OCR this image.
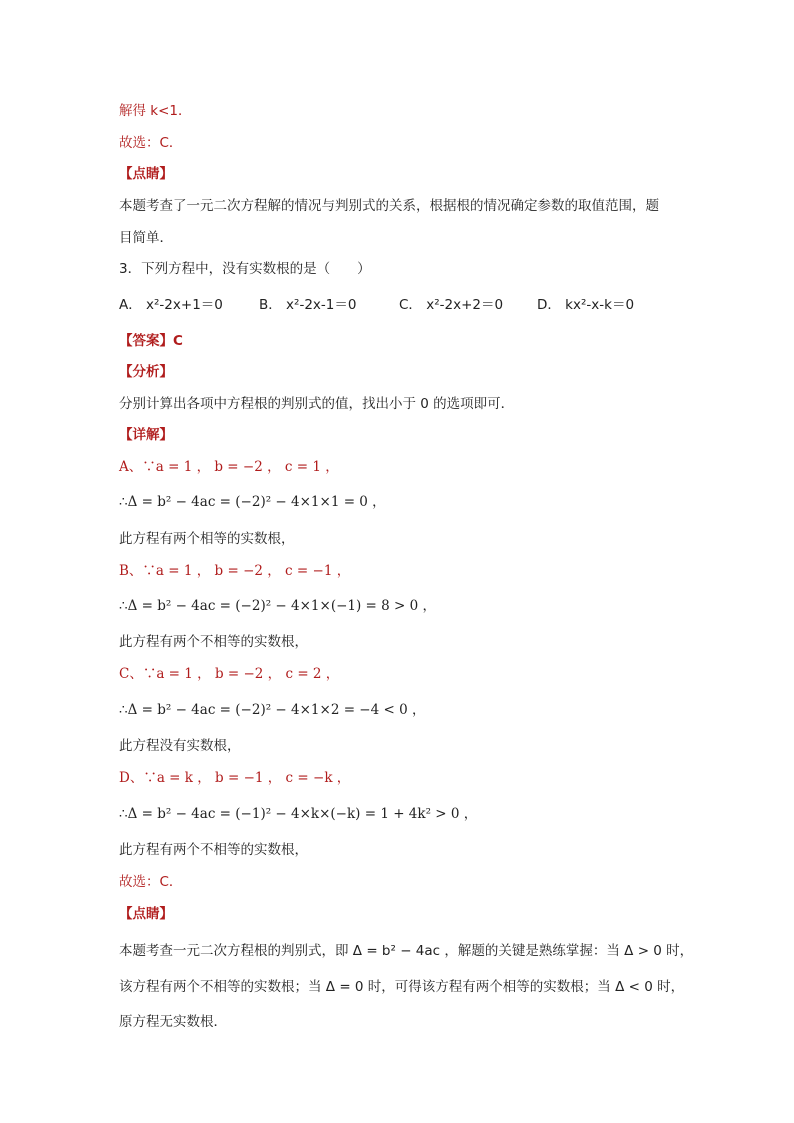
解得 k<1．
故选：C．
【点睛】
本题考查了一元二次方程解的情况与判别式的关系，根据根的情况确定参数的取值范围，题
目简单．
3．下列方程中，没有实数根的是（　　）
A． x²-2x+1＝0	B． x²-2x-1＝0	C． x²-2x+2＝0	D． kx²-x-k＝0
【答案】C
【分析】
分别计算出各项中方程根的判别式的值，找出小于 0 的选项即可．
【详解】
A、∵a = 1 ， b = −2 ， c = 1 ，
∴Δ = b² − 4ac = (−2)² − 4×1×1 = 0 ，
此方程有两个相等的实数根，
B、∵a = 1 ， b = −2 ， c = −1 ，
∴Δ = b² − 4ac = (−2)² − 4×1×(−1) = 8 > 0 ，
此方程有两个不相等的实数根，
C、∵a = 1 ， b = −2 ， c = 2 ，
∴Δ = b² − 4ac = (−2)² − 4×1×2 = −4 < 0 ，
此方程没有实数根，
D、∵a = k ， b = −1 ， c = −k ，
∴Δ = b² − 4ac = (−1)² − 4×k×(−k) = 1 + 4k² > 0 ，
此方程有两个不相等的实数根，
故选：C．
【点睛】
本题考查一元二次方程根的判别式，即 Δ = b² − 4ac ，解题的关键是熟练掌握：当 Δ > 0 时，
该方程有两个不相等的实数根；当 Δ = 0 时，可得该方程有两个相等的实数根；当 Δ < 0 时，
原方程无实数根．
